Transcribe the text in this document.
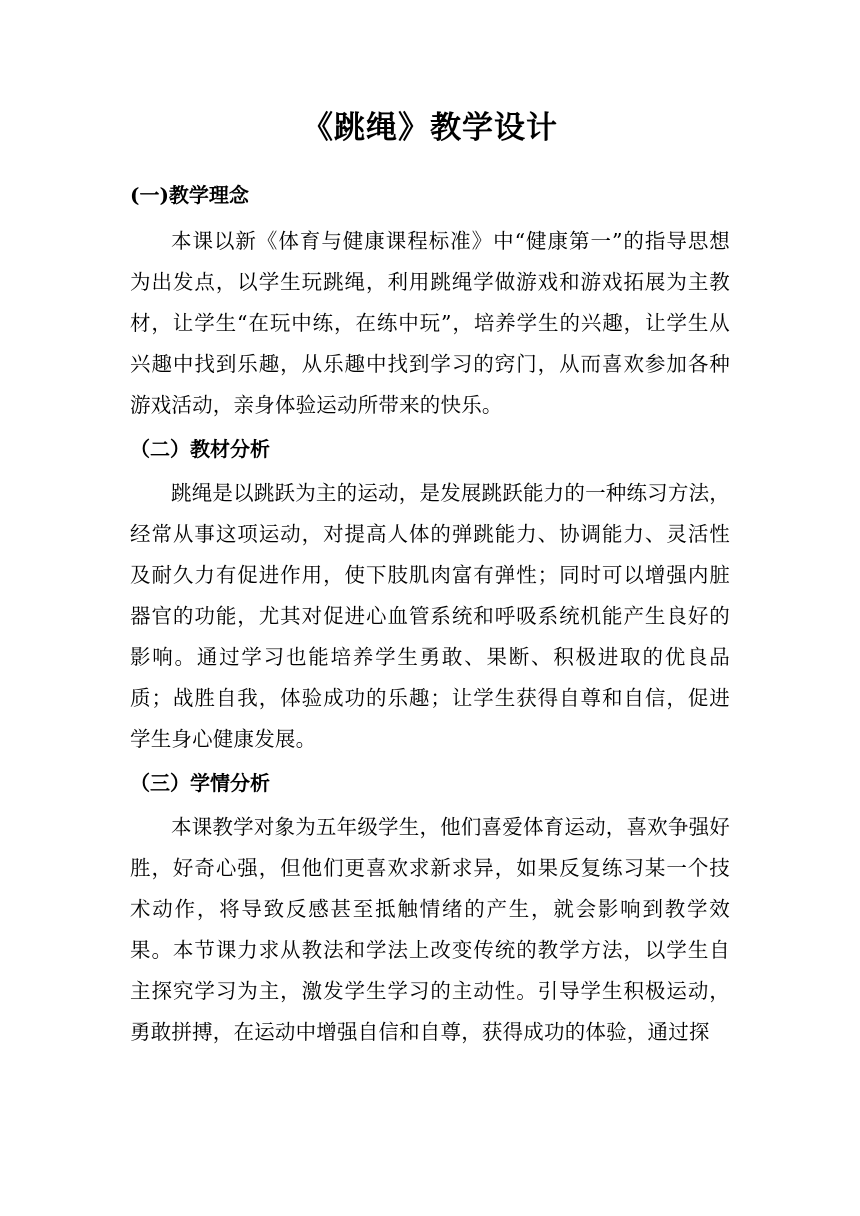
《跳绳》教学设计
(一)教学理念

本课以新《体育与健康课程标准》中“健康第一”的指导思想为出发点，以学生玩跳绳，利用跳绳学做游戏和游戏拓展为主教材，让学生“在玩中练，在练中玩”，培养学生的兴趣，让学生从兴趣中找到乐趣，从乐趣中找到学习的窍门，从而喜欢参加各种游戏活动，亲身体验运动所带来的快乐。

（二）教材分析

跳绳是以跳跃为主的运动，是发展跳跃能力的一种练习方法，经常从事这项运动，对提高人体的弹跳能力、协调能力、灵活性及耐久力有促进作用，使下肢肌肉富有弹性；同时可以增强内脏器官的功能，尤其对促进心血管系统和呼吸系统机能产生良好的影响。通过学习也能培养学生勇敢、果断、积极进取的优良品质；战胜自我，体验成功的乐趣；让学生获得自尊和自信，促进学生身心健康发展。

（三）学情分析

本课教学对象为五年级学生，他们喜爱体育运动，喜欢争强好胜，好奇心强，但他们更喜欢求新求异，如果反复练习某一个技术动作，将导致反感甚至抵触情绪的产生，就会影响到教学效果。本节课力求从教法和学法上改变传统的教学方法，以学生自主探究学习为主，激发学生学习的主动性。引导学生积极运动，勇敢拼搏，在运动中增强自信和自尊，获得成功的体验，通过探
